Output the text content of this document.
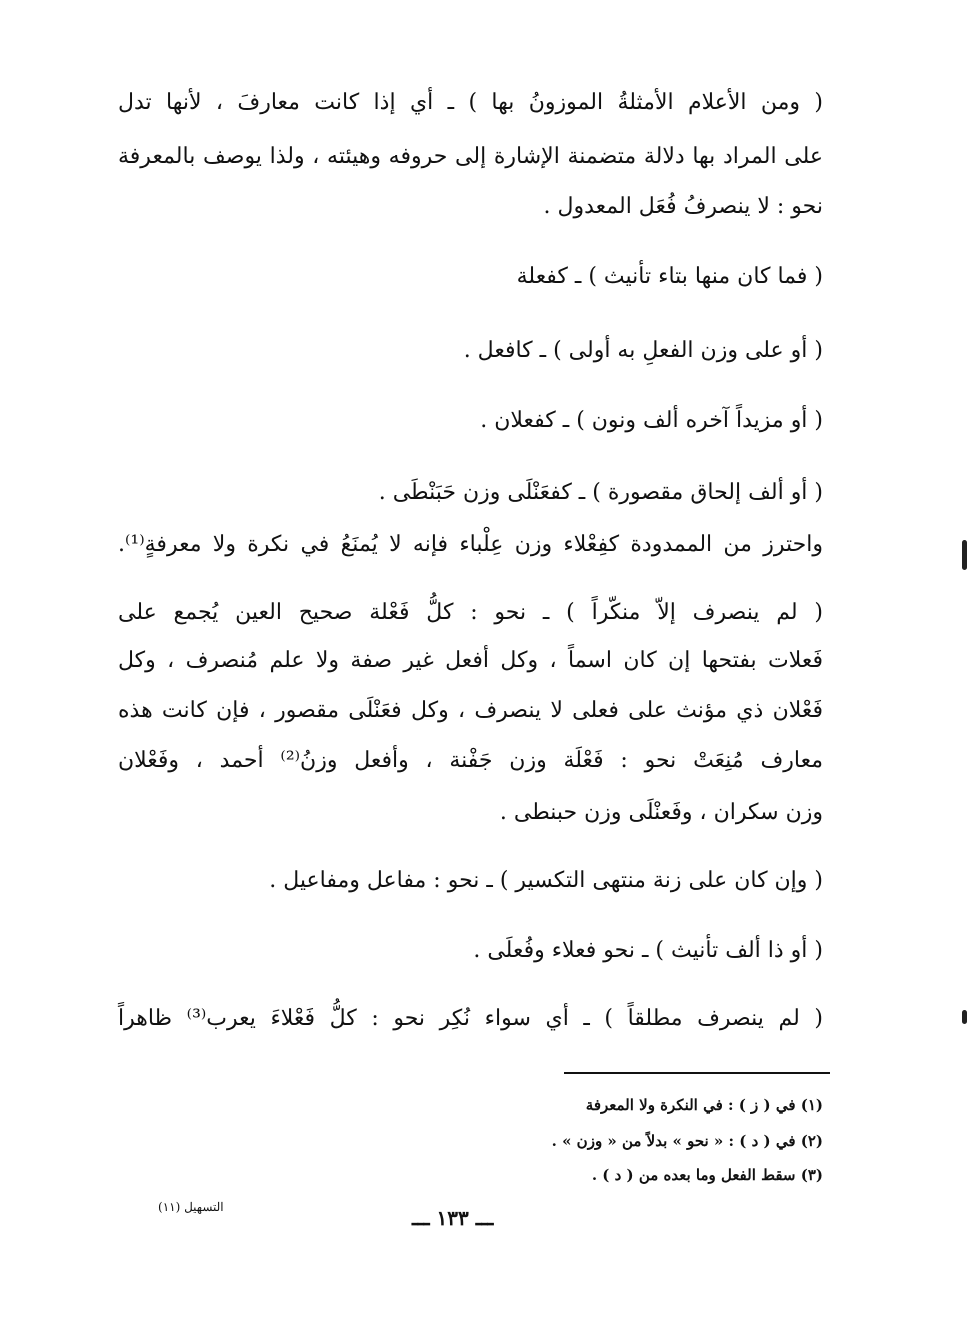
( ومن الأعلام الأمثلةُ الموزونُ بها ) ـ أي إذا كانت معارفَ ، لأنها تدل
على المراد بها دلالة متضمنة الإشارة إلى حروفه وهيئته ، ولذا يوصف بالمعرفة
نحو : لا ينصرفُ فُعَل المعدول .
( فما كان منها بتاء تأنيث ) ـ كفعلة
( أو على وزن الفعلِ به أولى ) ـ كافعل .
( أو مزيداً آخره ألف ونون ) ـ كفعلان .
( أو ألف إلحاق مقصورة ) ـ كفعَنْلَى وزن حَبَنْطَى .
واحترز من الممدودة كفِعْلاء وزن عِلْباء فإنه لا يُمنَعُ في نكرة ولا معرفةٍ⁽¹⁾.
( لم ينصرف إلاّ منكّراً ) ـ نحو : كلُّ فَعْلة صحيح العين يُجمع على
فَعلات بفتحها إن كان اسماً ، وكل أفعل غير صفة ولا علم مُنصرف ، وكل
فَعْلان ذي مؤنث على فعلى لا ينصرف ، وكل فعَنْلَى مقصور ، فإن كانت هذه
معارف مُنِعَتْ نحو : فَعْلَة وزن جَفْنة ، وأفعل وزنُ⁽²⁾ أحمد ، وفَعْلان
وزن سكران ، وفَعنْلَى وزن حبنطى .
( وإن كان على زنة منتهى التكسير ) ـ نحو : مفاعل ومفاعيل .
( أو ذا ألف تأنيث ) ـ نحو فعلاء وفُعلَى .
( لم ينصرف مطلقاً ) ـ أي سواء نُكِر نحو : كلُّ فَعْلاءَ يعرب⁽³⁾ ظاهراً
(١) في ( ز ) : في النكرة ولا المعرفة
(٢) في ( د ) : « نحو » بدلاً من « وزن » .
(٣) سقط الفعل وما بعده من ( د ) .
التسهيل (١١)	ـــ ١٣٣ ـــ
